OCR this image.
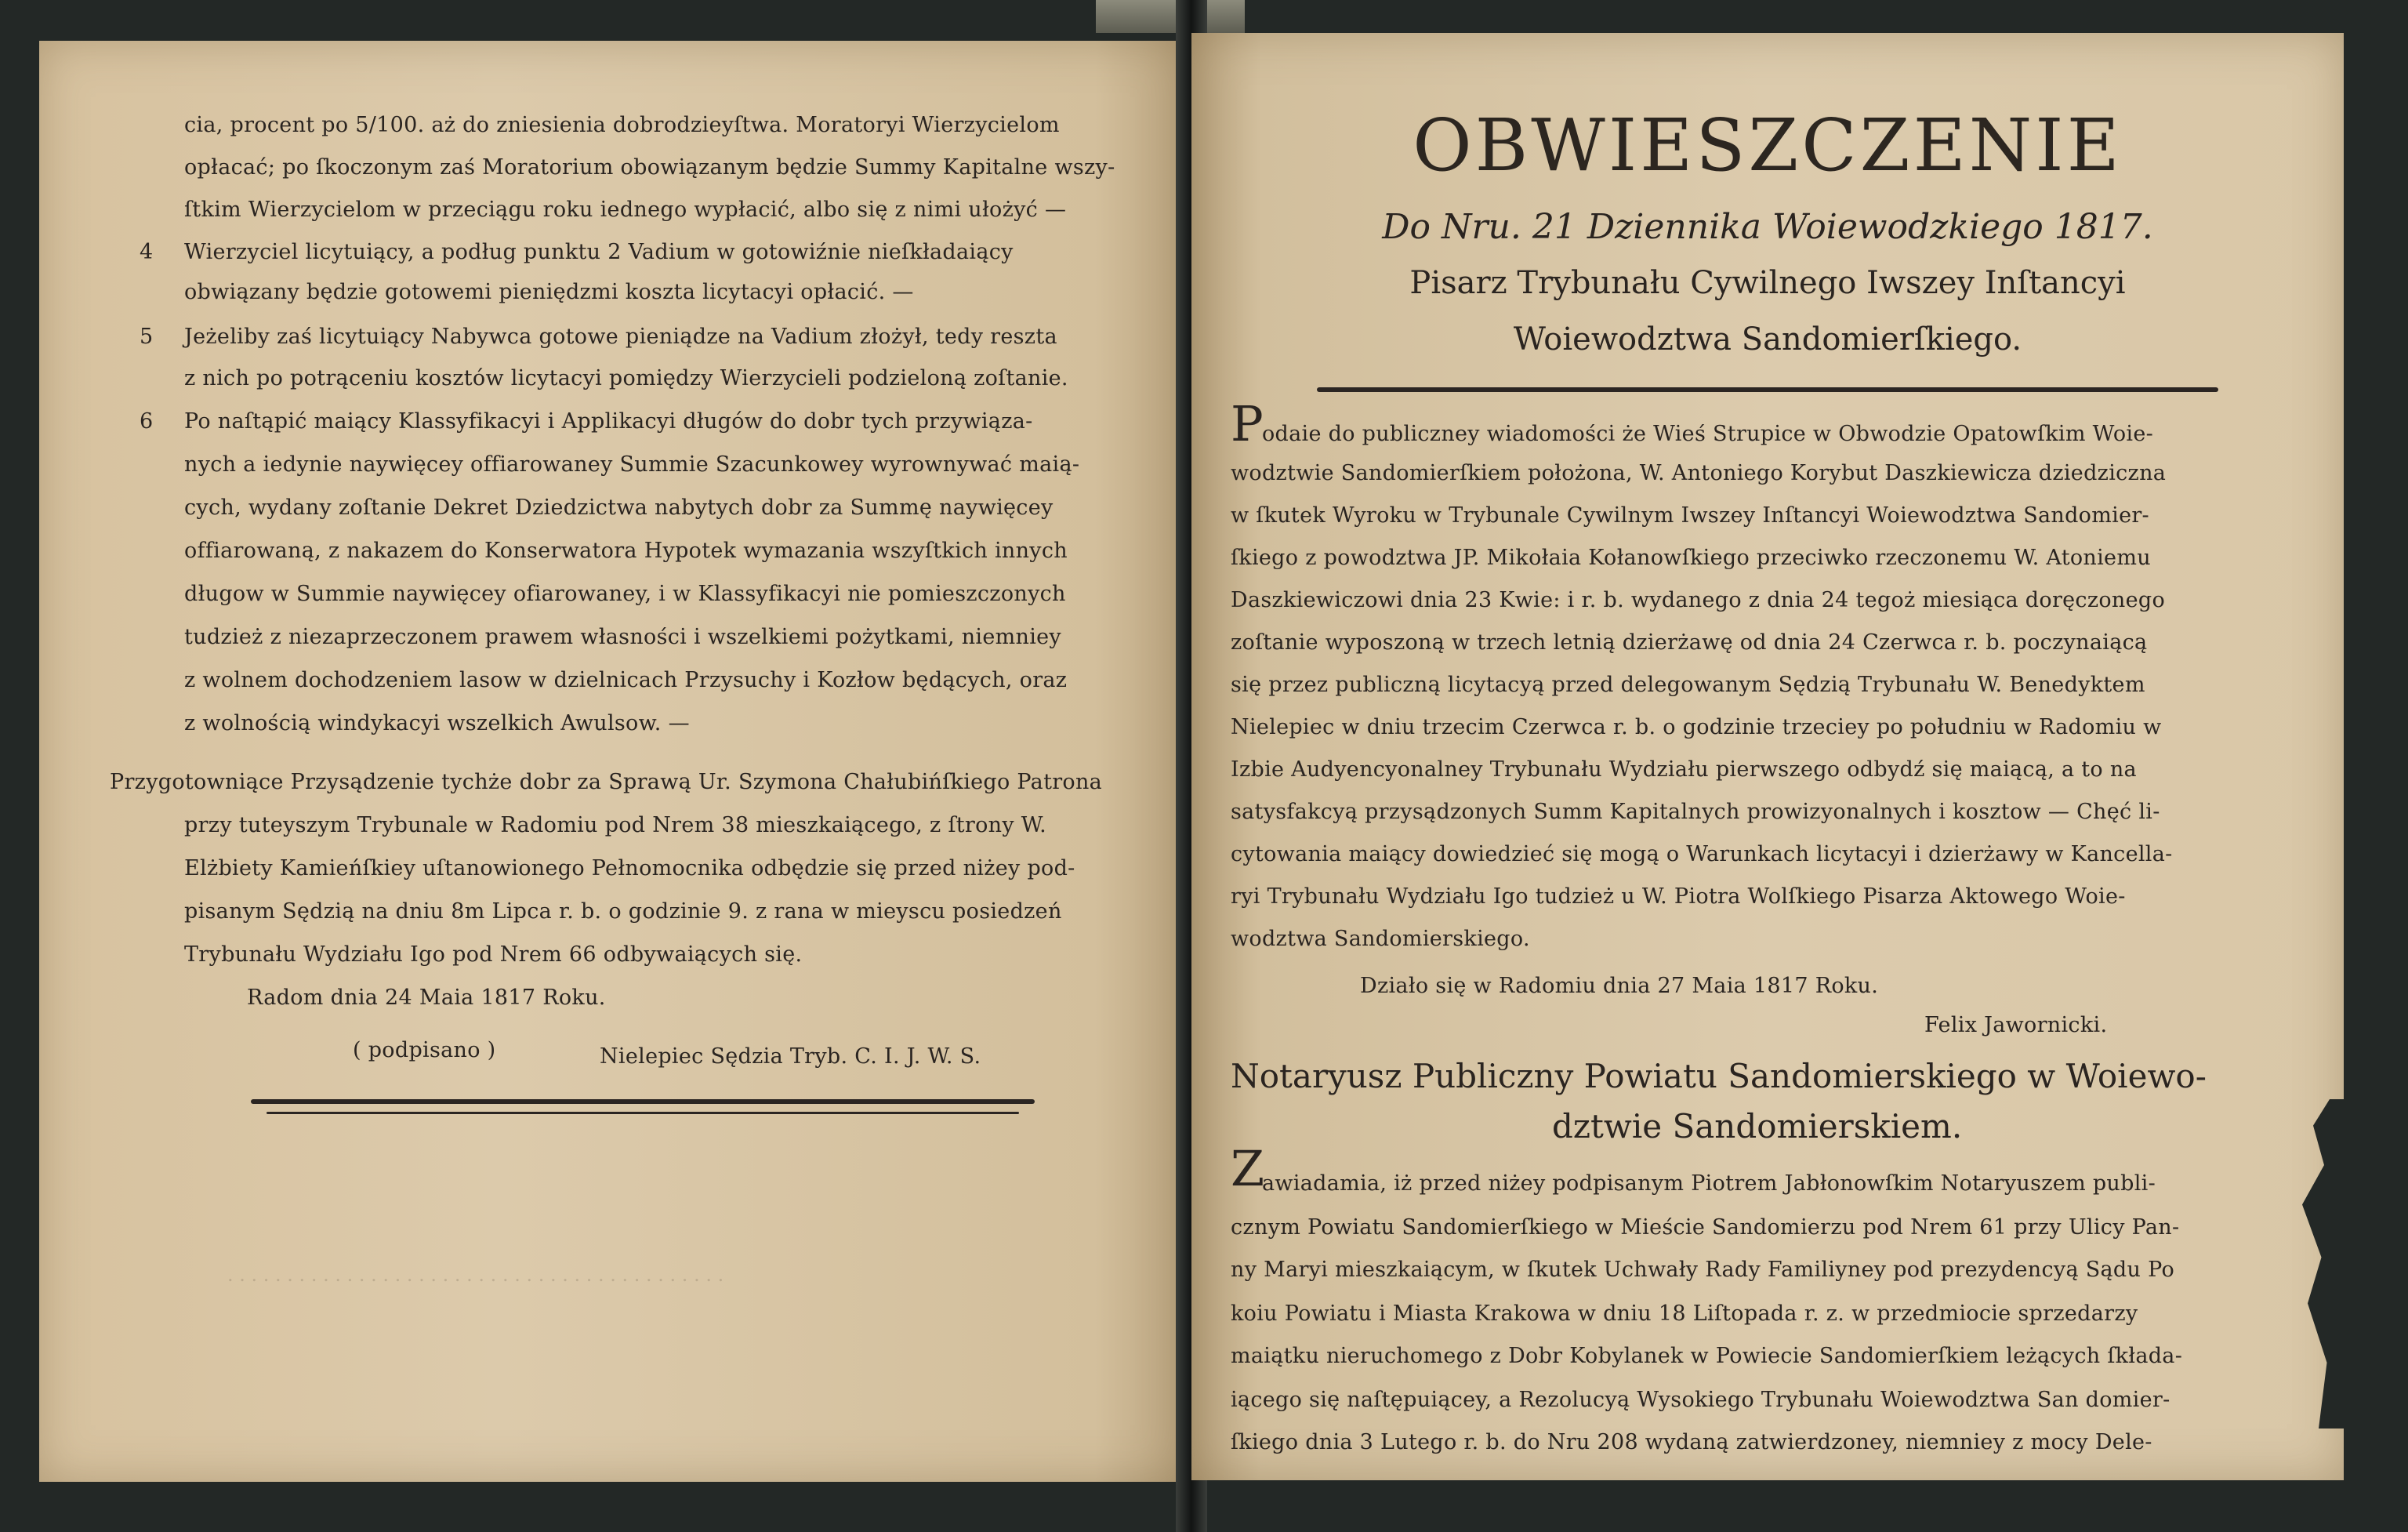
. . . . . . . . . . . . . . . . . . . . . . . . . . . . . . . . . . . . . . . . . .
cia, procent po 5/100. aż do zniesienia dobrodzieyſtwa. Moratoryi Wierzycielom
opłacać; po ſkoczonym zaś Moratorium obowiązanym będzie Summy Kapitalne wszy-
ſtkim Wierzycielom w przeciągu roku iednego wypłacić, albo się z nimi ułożyć —
4 Wierzyciel licytuiący, a podług punktu 2 Vadium w gotowiźnie nieſkładaiący
obwiązany będzie gotowemi pieniędzmi koszta licytacyi opłacić. —
5 Jeżeliby zaś licytuiący Nabywca gotowe pieniądze na Vadium złożył, tedy reszta
z nich po potrąceniu kosztów licytacyi pomiędzy Wierzycieli podzieloną zoſtanie.
6 Po naſtąpić maiący Klassyfikacyi i Applikacyi długów do dobr tych przywiąza-
nych a iedynie naywięcey offiarowaney Summie Szacunkowey wyrownywać maią-
cych, wydany zoſtanie Dekret Dziedzictwa nabytych dobr za Summę naywięcey
offiarowaną, z nakazem do Konserwatora Hypotek wymazania wszyſtkich innych
długow w Summie naywięcey ofiarowaney, i w Klassyfikacyi nie pomieszczonych
tudzież z niezaprzeczonem prawem własności i wszelkiemi pożytkami, niemniey
z wolnem dochodzeniem lasow w dzielnicach Przysuchy i Kozłow będących, oraz
z wolnością windykacyi wszelkich Awulsow. —
Przygotowniące Przysądzenie tychże dobr za Sprawą Ur. Szymona Chałubińſkiego Patrona
przy tuteyszym Trybunale w Radomiu pod Nrem 38 mieszkaiącego, z ſtrony W.
Elżbiety Kamieńſkiey uſtanowionego Pełnomocnika odbędzie się przed niżey pod-
pisanym Sędzią na dniu 8m Lipca r. b. o godzinie 9. z rana w mieyscu posiedzeń
Trybunału Wydziału Igo pod Nrem 66 odbywaiących się.
Radom dnia 24 Maia 1817 Roku.
( podpisano )	Nielepiec Sędzia Tryb. C. I. J. W. S.
OBWIESZCZENIE
Do Nru. 21 Dziennika Woiewodzkiego 1817.
Pisarz Trybunału Cywilnego Iwszey Inſtancyi
Woiewodztwa Sandomierſkiego.
P
odaie do publiczney wiadomości że Wieś Strupice w Obwodzie Opatowſkim Woie-
wodztwie Sandomierſkiem położona, W. Antoniego Korybut Daszkiewicza dziedziczna
w ſkutek Wyroku w Trybunale Cywilnym Iwszey Inſtancyi Woiewodztwa Sandomier-
ſkiego z powodztwa JP. Mikołaia Kołanowſkiego przeciwko rzeczonemu W. Atoniemu
Daszkiewiczowi dnia 23 Kwie: i r. b. wydanego z dnia 24 tegoż miesiąca doręczonego
zoſtanie wyposzoną w trzech letnią dzierżawę od dnia 24 Czerwca r. b. poczynaiącą
się przez publiczną licytacyą przed delegowanym Sędzią Trybunału W. Benedyktem
Nielepiec w dniu trzecim Czerwca r. b. o godzinie trzeciey po południu w Radomiu w
Izbie Audyencyonalney Trybunału Wydziału pierwszego odbydź się maiącą, a to na
satysfakcyą przysądzonych Summ Kapitalnych prowizyonalnych i kosztow — Chęć li-
cytowania maiący dowiedzieć się mogą o Warunkach licytacyi i dzierżawy w Kancella-
ryi Trybunału Wydziału Igo tudzież u W. Piotra Wolſkiego Pisarza Aktowego Woie-
wodztwa Sandomierskiego.
Działo się w Radomiu dnia 27 Maia 1817 Roku.
Felix Jawornicki.
Notaryusz Publiczny Powiatu Sandomierskiego w Woiewo-
dztwie Sandomierskiem.
Z
awiadamia, iż przed niżey podpisanym Piotrem Jabłonowſkim Notaryuszem publi-
cznym Powiatu Sandomierſkiego w Mieście Sandomierzu pod Nrem 61 przy Ulicy Pan-
ny Maryi mieszkaiącym, w ſkutek Uchwały Rady Familiyney pod prezydencyą Sądu Po
koiu Powiatu i Miasta Krakowa w dniu 18 Liſtopada r. z. w przedmiocie sprzedarzy
maiątku nieruchomego z Dobr Kobylanek w Powiecie Sandomierſkiem leżących ſkłada-
iącego się naſtępuiącey, a Rezolucyą Wysokiego Trybunału Woiewodztwa San domier-
ſkiego dnia 3 Lutego r. b. do Nru 208 wydaną zatwierdzoney, niemniey z mocy Dele-
